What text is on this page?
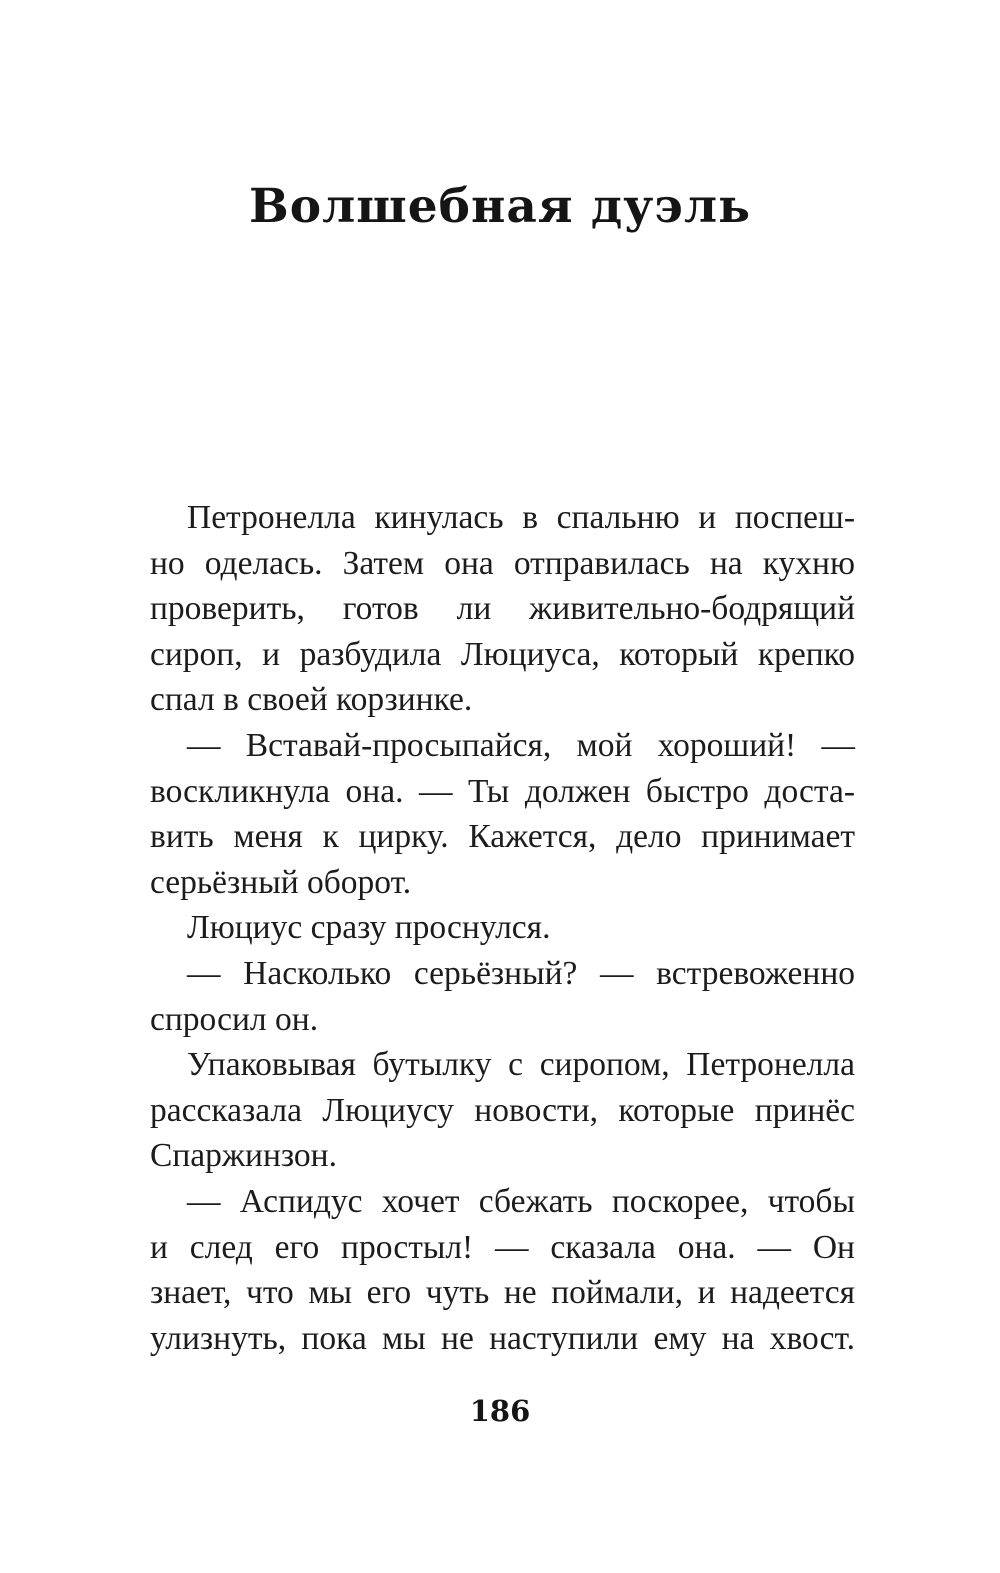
Волшебная дуэль
Петронелла кинулась в спальню и поспеш-
но оделась. Затем она отправилась на кухню
проверить, готов ли живительно-бодрящий
сироп, и разбудила Люциуса, который крепко
спал в своей корзинке.
— Вставай-просыпайся, мой хороший! —
воскликнула она. — Ты должен быстро доста-
вить меня к цирку. Кажется, дело принимает
серьёзный оборот.
Люциус сразу проснулся.
— Насколько серьёзный? — встревоженно
спросил он.
Упаковывая бутылку с сиропом, Петронелла
рассказала Люциусу новости, которые принёс
Спаржинзон.
— Аспидус хочет сбежать поскорее, чтобы
и след его простыл! — сказала она. — Он
знает, что мы его чуть не поймали, и надеется
улизнуть, пока мы не наступили ему на хвост.
186
